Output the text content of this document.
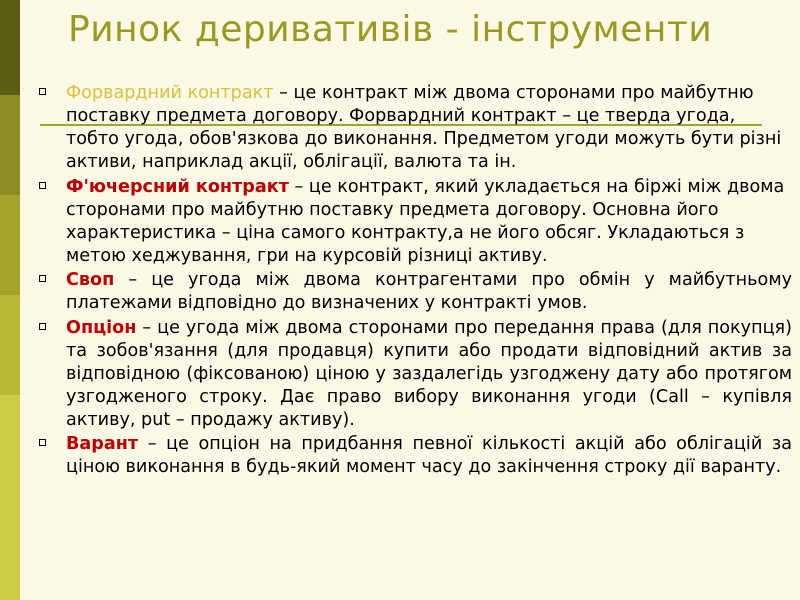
Ринок деривативів - інструменти
Форвардний контракт – це контракт між двома сторонами про майбутню поставку предмета договору. Форвардний контракт – це тверда угода, тобто угода, обов'язкова до виконання. Предметом угоди можуть бути різні активи, наприклад акції, облігації, валюта та ін.
Ф'ючерсний контракт – це контракт, який укладається на біржі між двома сторонами про майбутню поставку предмета договору. Основна його характеристика – ціна самого контракту,а не його обсяг. Укладаються з метою хеджування, гри на курсовій різниці активу.
Своп – це угода між двома контрагентами про обмін у майбутньому платежами відповідно до визначених у контракті умов.
Опціон – це угода між двома сторонами про передання права (для покупця) та зобов'язання (для продавця) купити або продати відповідний актив за відповідною (фіксованою) ціною у заздалегідь узгоджену дату або протягом узгодженого строку. Дає право вибору виконання угоди (Call – купівля активу, put – продажу активу).
Варант – це опціон на придбання певної кількості акцій або облігацій за ціною виконання в будь-який момент часу до закінчення строку дії варанту.
